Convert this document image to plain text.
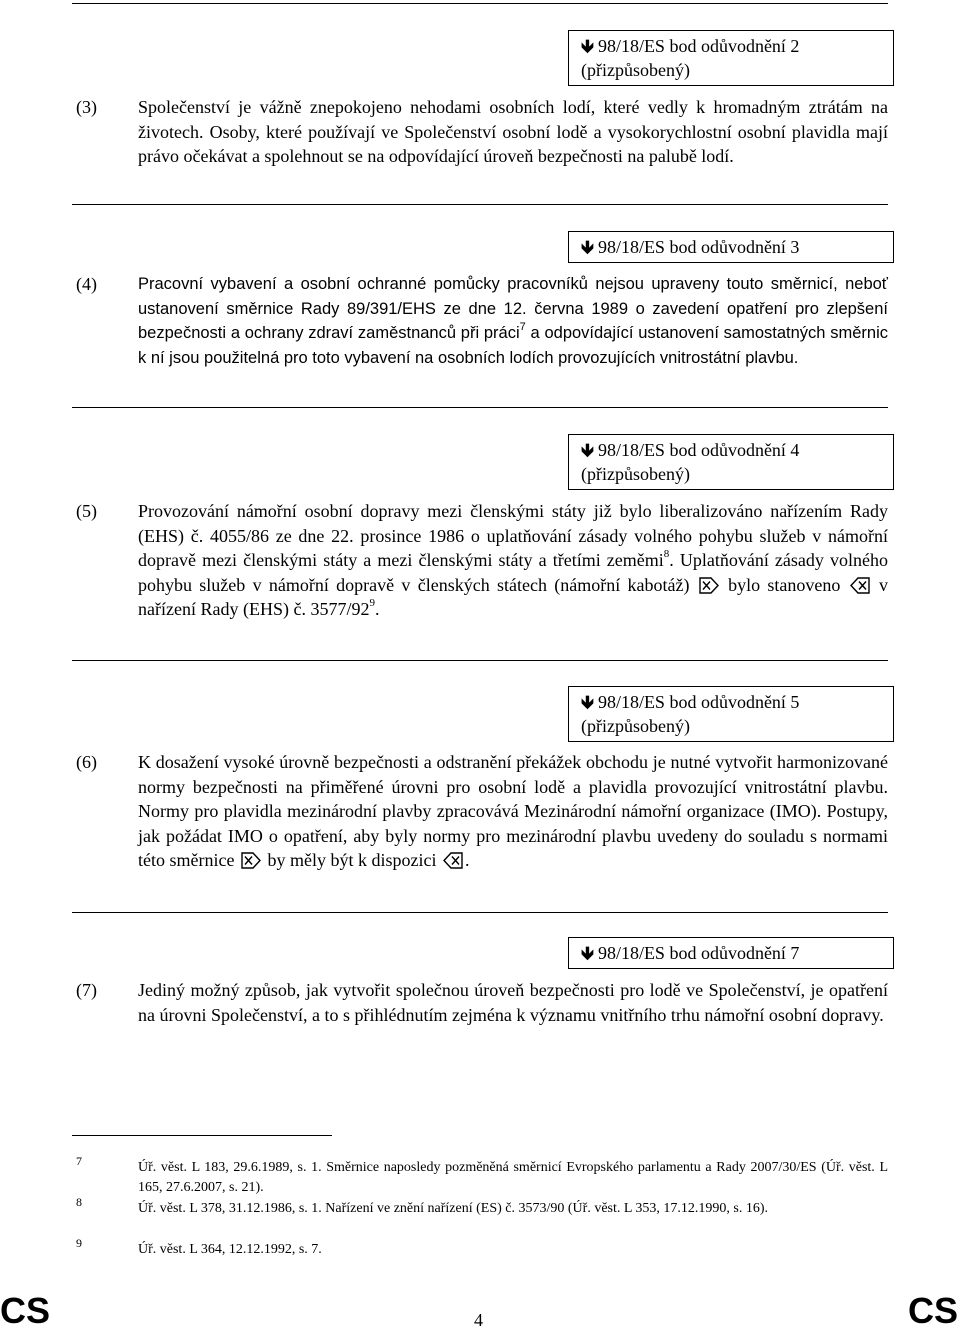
🡻 98/18/ES bod odůvodnění 2
(přizpůsobený)
(3) Společenství je vážně znepokojeno nehodami osobních lodí, které vedly k hromadným ztrátám na životech. Osoby, které používají ve Společenství osobní lodě a vysokorychlostní osobní plavidla mají právo očekávat a spolehnout se na odpovídající úroveň bezpečnosti na palubě lodí.
🡻 98/18/ES bod odůvodnění 3
(4) Pracovní vybavení a osobní ochranné pomůcky pracovníků nejsou upraveny touto směrnicí, neboť ustanovení směrnice Rady 89/391/EHS ze dne 12. června 1989 o zavedení opatření pro zlepšení bezpečnosti a ochrany zdraví zaměstnanců při práci$^7$ a odpovídající ustanovení samostatných směrnic k ní jsou použitelná pro toto vybavení na osobních lodích provozujících vnitrostátní plavbu.
🡻 98/18/ES bod odůvodnění 4
(přizpůsobený)
(5) Provozování námořní osobní dopravy mezi členskými státy již bylo liberalizováno nařízením Rady (EHS) č. 4055/86 ze dne 22. prosince 1986 o uplatňování zásady volného pohybu služeb v námořní dopravě mezi členskými státy a mezi členskými státy a třetími zeměmi$^8$. Uplatňování zásady volného pohybu služeb v námořní dopravě v členských státech (námořní kabotáž) bylo stanoveno v nařízení Rady (EHS) č. $3577/92^9$.
🡻 98/18/ES bod odůvodnění 5
(přizpůsobený)
(6) K dosažení vysoké úrovně bezpečnosti a odstranění překážek obchodu je nutné vytvořit harmonizované normy bezpečnosti na přiměřené úrovni pro osobní lodě a plavidla provozující vnitrostátní plavbu. Normy pro plavidla mezinárodní plavby zpracovává Mezinárodní námořní organizace (IMO). Postupy, jak požádat IMO o opatření, aby byly normy pro mezinárodní plavbu uvedeny do souladu s normami této směrnice by měly být k dispozici .
🡻 98/18/ES bod odůvodnění 7
(7) Jediný možný způsob, jak vytvořit společnou úroveň bezpečnosti pro lodě ve Společenství, je opatření na úrovni Společenství, a to s přihlédnutím zejména k významu vnitřního trhu námořní osobní dopravy.
7	Úř. věst. L 183, 29.6.1989, s. 1. Směrnice naposledy pozměněná směrnicí Evropského parlamentu a Rady 2007/30/ES (Úř. věst. L 165, 27.6.2007, s. 21).
8	Úř. věst. L 378, 31.12.1986, s. 1. Nařízení ve znění nařízení (ES) č. 3573/90 (Úř. věst. L 353, 17.12.1990, s. 16).
9	Úř. věst. L 364, 12.12.1992, s. 7.
CS	4	CS
